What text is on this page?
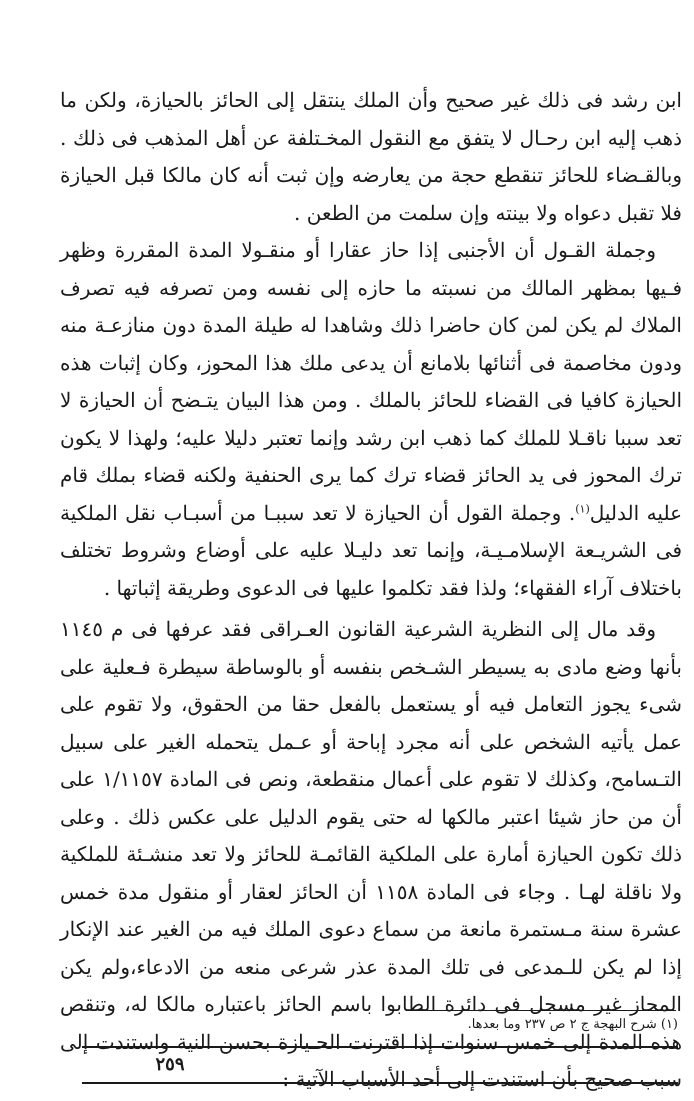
ابن رشد فى ذلك غير صحيح وأن الملك ينتقل إلى الحائز بالحيازة، ولكن ما ذهب إليه ابن رحـال لا يتفق مع النقول المخـتلفة عن أهل المذهب فى ذلك . وبالقـضاء للحائز تنقطع حجة من يعارضه وإن ثبت أنه كان مالكا قبل الحيازة فلا تقبل دعواه ولا بينته وإن سلمت من الطعن .

وجملة القـول أن الأجنبى إذا حاز عقارا أو منقـولا المدة المقررة وظهر فـيها بمظهر المالك من نسبته ما حازه إلى نفسه ومن تصرفه فيه تصرف الملاك لم يكن لمن كان حاضرا ذلك وشاهدا له طيلة المدة دون منازعـة منه ودون مخاصمة فى أثنائها بلامانع أن يدعى ملك هذا المحوز، وكان إثبات هذه الحيازة كافيا فى القضاء للحائز بالملك . ومن هذا البيان يتـضح أن الحيازة لا تعد سببا ناقـلا للملك كما ذهب ابن رشد وإنما تعتبر دليلا عليه؛ ولهذا لا يكون ترك المحوز فى يد الحائز قضاء ترك كما يرى الحنفية ولكنه قضاء بملك قام عليه الدليل$^{(١)}$. وجملة القول أن الحيازة لا تعد سببـا من أسبـاب نقل الملكية فى الشريـعة الإسلامـيـة، وإنما تعد دليـلا عليه على أوضاع وشروط تختلف باختلاف آراء الفقهاء؛ ولذا فقد تكلموا عليها فى الدعوى وطريقة إثباتها .

وقد مال إلى النظرية الشرعية القانون العـراقى فقد عرفها فى م ١١٤٥ بأنها وضع مادى به يسيطر الشـخص بنفسه أو بالوساطة سيطرة فـعلية على شىء يجوز التعامل فيه أو يستعمل بالفعل حقا من الحقوق، ولا تقوم على عمل يأتيه الشخص على أنه مجرد إباحة أو عـمل يتحمله الغير على سبيل التـسامح، وكذلك لا تقوم على أعمال منقطعة، ونص فى المادة ١/١١٥٧ على أن من حاز شيئا اعتبر مالكها له حتى يقوم الدليل على عكس ذلك . وعلى ذلك تكون الحيازة أمارة على الملكية القائمـة للحائز ولا تعد منشـئة للملكية ولا ناقلة لهـا . وجاء فى المادة ١١٥٨ أن الحائز لعقار أو منقول مدة خمس عشرة سنة مـستمرة مانعة من سماع دعوى الملك فيه من الغير عند الإنكار إذا لم يكن للـمدعى فى تلك المدة عذر شرعى منعه من الادعاء،ولم يكن المحاز غير مسجل فى دائرة الطابوا باسم الحائز باعتباره مالكا له، وتنقص هذه المدة إلى خمس سنوات إذا اقترنت الحـيازة بحسن النية واستندت إلى سبب صحيح بأن استندت إلى أحد الأسباب الآتية :

(١) شرح البهجة ج ٢ ص ٢٣٧ وما بعدها.
٢٥٩
